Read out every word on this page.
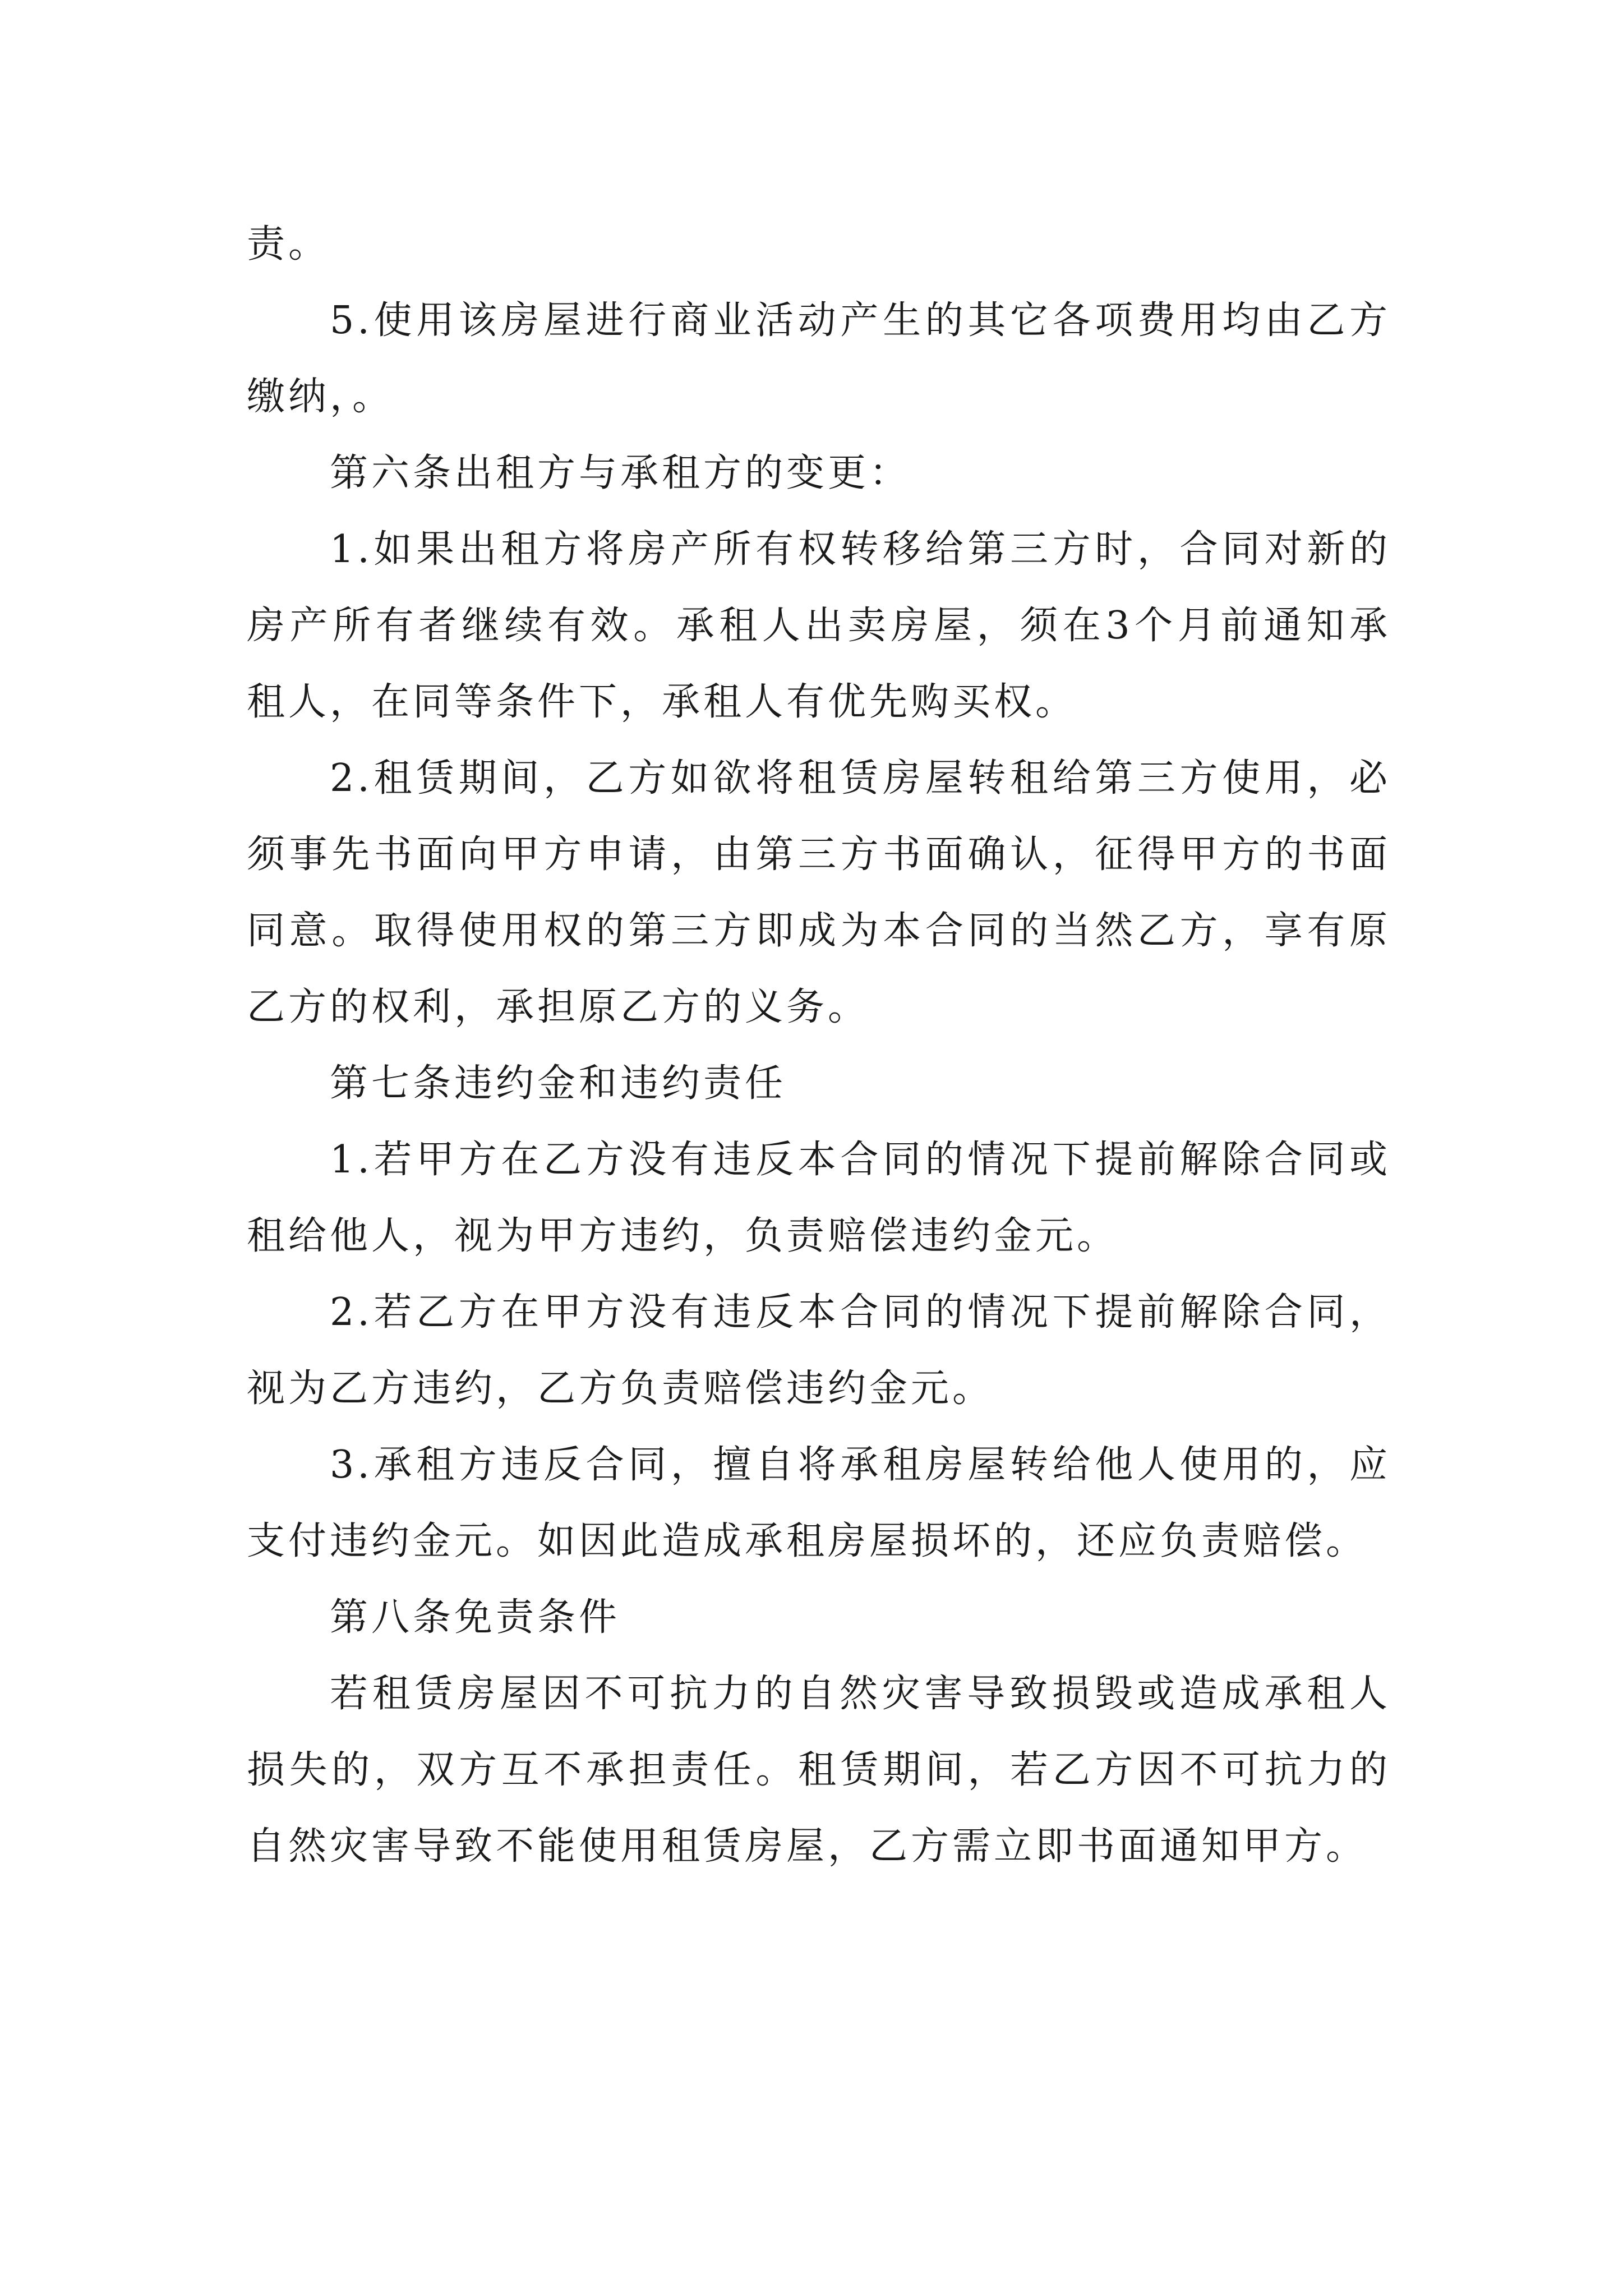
责。

5.使用该房屋进行商业活动产生的其它各项费用均由乙方缴纳，。

第六条出租方与承租方的变更：

1.如果出租方将房产所有权转移给第三方时，合同对新的房产所有者继续有效。承租人出卖房屋，须在3个月前通知承租人，在同等条件下，承租人有优先购买权。

2.租赁期间，乙方如欲将租赁房屋转租给第三方使用，必须事先书面向甲方申请，由第三方书面确认，征得甲方的书面同意。取得使用权的第三方即成为本合同的当然乙方，享有原乙方的权利，承担原乙方的义务。

第七条违约金和违约责任

1.若甲方在乙方没有违反本合同的情况下提前解除合同或租给他人，视为甲方违约，负责赔偿违约金元。

2.若乙方在甲方没有违反本合同的情况下提前解除合同，视为乙方违约，乙方负责赔偿违约金元。

3.承租方违反合同，擅自将承租房屋转给他人使用的，应支付违约金元。如因此造成承租房屋损坏的，还应负责赔偿。

第八条免责条件

若租赁房屋因不可抗力的自然灾害导致损毁或造成承租人损失的，双方互不承担责任。租赁期间，若乙方因不可抗力的自然灾害导致不能使用租赁房屋，乙方需立即书面通知甲方。
